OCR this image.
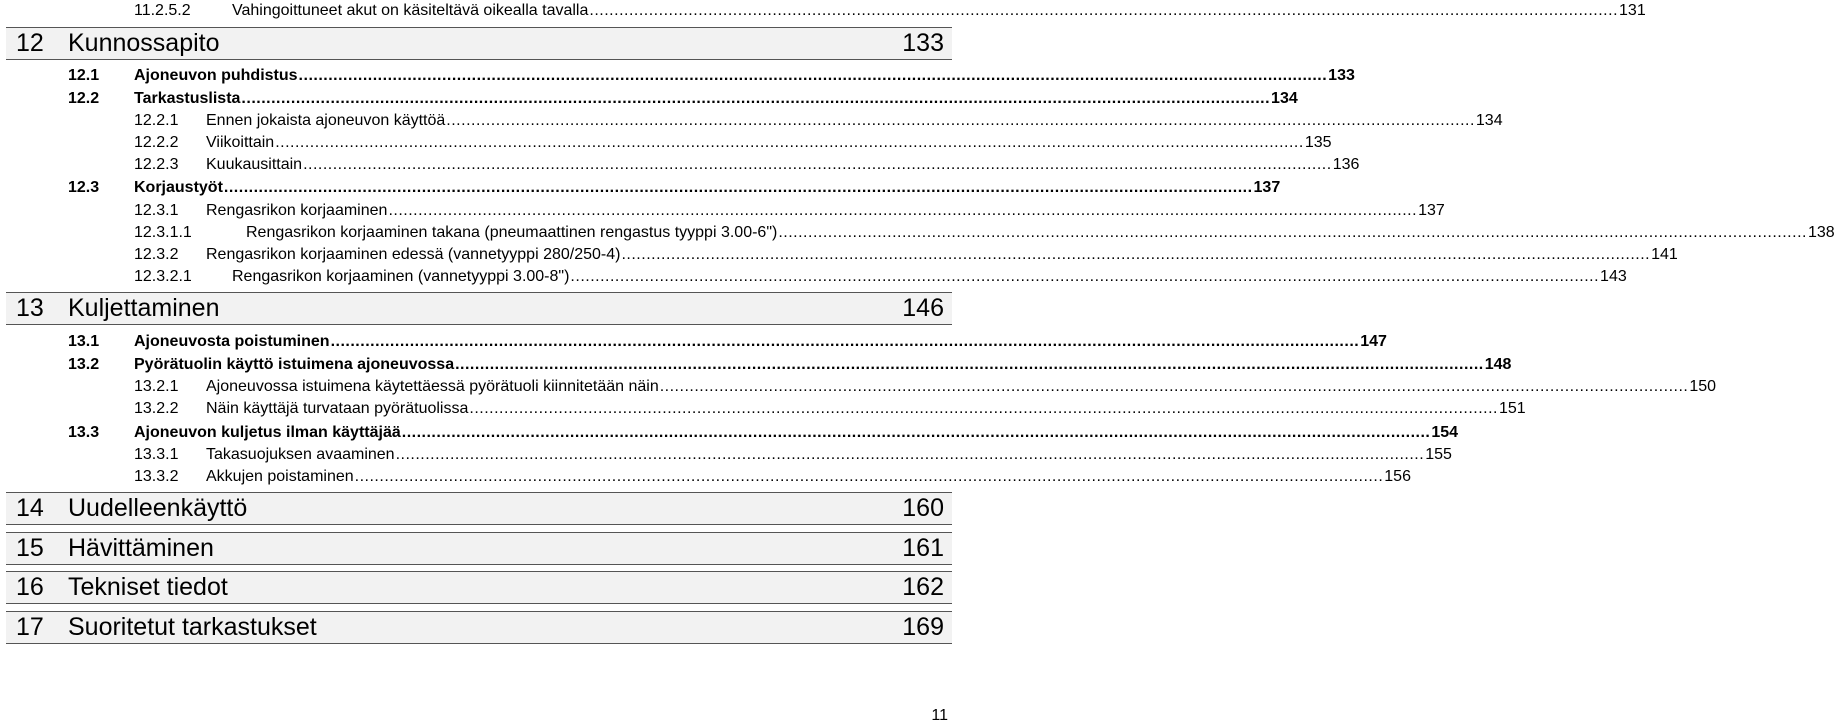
11.2.5.2	Vahingoittuneet akut on käsiteltävä oikealla tavalla ................................................................................................................................................................................................................ 131
12 Kunnossapito	133
12.1 Ajoneuvon puhdistus ................................................................................................................................................................................................................ 133
12.2 Tarkastuslista ................................................................................................................................................................................................................ 134
12.2.1 Ennen jokaista ajoneuvon käyttöä ................................................................................................................................................................................................................ 134
12.2.2 Viikoittain ................................................................................................................................................................................................................ 135
12.2.3 Kuukausittain ................................................................................................................................................................................................................ 136
12.3 Korjaustyöt ................................................................................................................................................................................................................ 137
12.3.1 Rengasrikon korjaaminen ................................................................................................................................................................................................................ 137
12.3.1.1	Rengasrikon korjaaminen takana (pneumaattinen rengastus tyyppi 3.00-6") ................................................................................................................................................................................................................ 138
12.3.2 Rengasrikon korjaaminen edessä (vannetyyppi 280/250-4) ................................................................................................................................................................................................................ 141
12.3.2.1	Rengasrikon korjaaminen (vannetyyppi 3.00-8") ................................................................................................................................................................................................................ 143
13 Kuljettaminen	146
13.1 Ajoneuvosta poistuminen ................................................................................................................................................................................................................ 147
13.2 Pyörätuolin käyttö istuimena ajoneuvossa ................................................................................................................................................................................................................ 148
13.2.1 Ajoneuvossa istuimena käytettäessä pyörätuoli kiinnitetään näin ................................................................................................................................................................................................................ 150
13.2.2 Näin käyttäjä turvataan pyörätuolissa ................................................................................................................................................................................................................ 151
13.3 Ajoneuvon kuljetus ilman käyttäjää ................................................................................................................................................................................................................ 154
13.3.1 Takasuojuksen avaaminen ................................................................................................................................................................................................................ 155
13.3.2 Akkujen poistaminen ................................................................................................................................................................................................................ 156
14 Uudelleenkäyttö	160
15 Hävittäminen	161
16 Tekniset tiedot	162
17 Suoritetut tarkastukset	169
11
